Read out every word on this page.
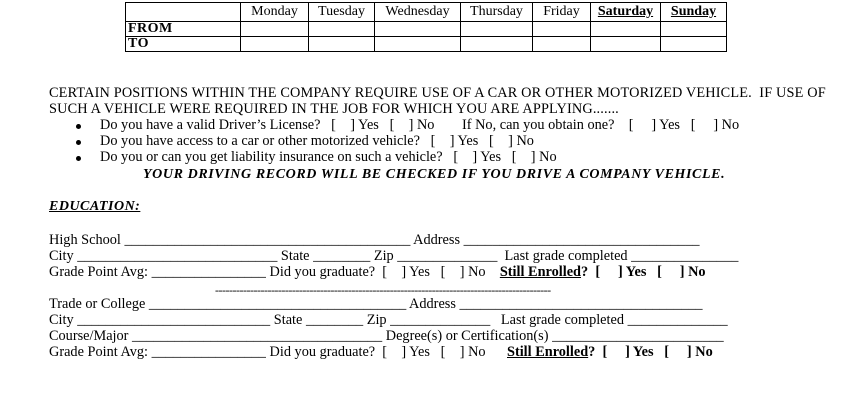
	Monday	Tuesday	Wednesday	Thursday	Friday	Saturday	Sunday
FROM							
TO							
CERTAIN POSITIONS WITHIN THE COMPANY REQUIRE USE OF A CAR OR OTHER MOTORIZED VEHICLE.  IF USE OF
SUCH A VEHICLE WERE REQUIRED IN THE JOB FOR WHICH YOU ARE APPLYING.......
Do you have a valid Driver’s License?   [    ] Yes   [    ] No If No, can you obtain one?    [     ] Yes   [     ] No
Do you have access to a car or other motorized vehicle?   [    ] Yes   [    ] No
Do you or can you get liability insurance on such a vehicle?   [    ] Yes   [    ] No
YOUR DRIVING RECORD WILL BE CHECKED IF YOU DRIVE A COMPANY VEHICLE.
EDUCATION:
High School ________________________________________ Address _________________________________
City ____________________________ State ________ Zip ______________  Last grade completed _______________
Grade Point Avg: ________________ Did you graduate?  [    ] Yes   [    ] No Still Enrolled?  [     ] Yes   [     ] No
------------------------------------------------------------------------------------------------
Trade or College ____________________________________ Address __________________________________
City ___________________________ State ________ Zip ______________   Last grade completed ______________
Course/Major ___________________________________ Degree(s) or Certification(s) ________________________
Grade Point Avg: ________________ Did you graduate?  [    ] Yes   [    ] No Still Enrolled?  [     ] Yes   [     ] No
